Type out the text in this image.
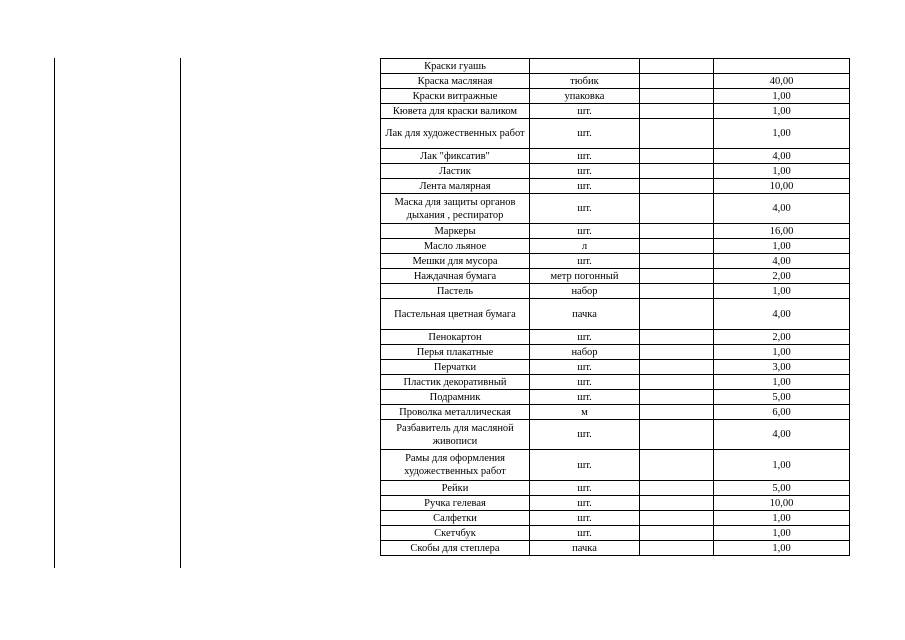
Краски гуашь			
Краска масляная	тюбик		40,00
Краски витражные	упаковка		1,00
Кювета для краски валиком	шт.		1,00
Лак для художественных работ	шт.		1,00
Лак "фиксатив"	шт.		4,00
Ластик	шт.		1,00
Лента малярная	шт.		10,00
Маска для защиты органов дыхания , респиратор	шт.		4,00
Маркеры	шт.		16,00
Масло льяное	л		1,00
Мешки для мусора	шт.		4,00
Наждачная бумага	метр погонный		2,00
Пастель	набор		1,00
Пастельная цветная бумага	пачка		4,00
Пенокартон	шт.		2,00
Перья плакатные	набор		1,00
Перчатки	шт.		3,00
Пластик декоративный	шт.		1,00
Подрамник	шт.		5,00
Проволка металлическая	м		6,00
Разбавитель для масляной живописи	шт.		4,00
Рамы для оформления художественных работ	шт.		1,00
Рейки	шт.		5,00
Ручка гелевая	шт.		10,00
Салфетки	шт.		1,00
Скетчбук	шт.		1,00
Скобы для степлера	пачка		1,00
